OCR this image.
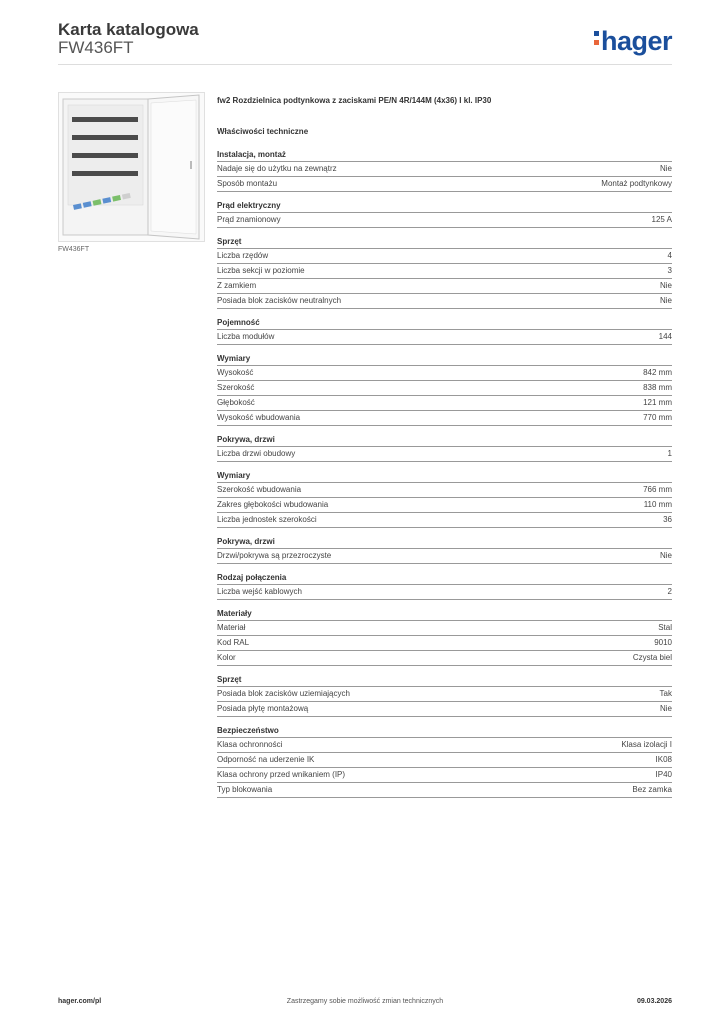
Karta katalogowa
FW436FT	hager
FW436FT
fw2 Rozdzielnica podtynkowa z zaciskami PE/N 4R/144M (4x36) I kl. IP30
Właściwości techniczne
Instalacja, montaż
Nadaje się do użytku na zewnątrz	Nie
Sposób montażu	Montaż podtynkowy
Prąd elektryczny
Prąd znamionowy	125 A
Sprzęt
Liczba rzędów	4
Liczba sekcji w poziomie	3
Z zamkiem	Nie
Posiada blok zacisków neutralnych	Nie
Pojemność
Liczba modułów	144
Wymiary
Wysokość	842 mm
Szerokość	838 mm
Głębokość	121 mm
Wysokość wbudowania	770 mm
Pokrywa, drzwi
Liczba drzwi obudowy	1
Wymiary
Szerokość wbudowania	766 mm
Zakres głębokości wbudowania	110 mm
Liczba jednostek szerokości	36
Pokrywa, drzwi
Drzwi/pokrywa są przezroczyste	Nie
Rodzaj połączenia
Liczba wejść kablowych	2
Materiały
Materiał	Stal
Kod RAL	9010
Kolor	Czysta biel
Sprzęt
Posiada blok zacisków uziemiających	Tak
Posiada płytę montażową	Nie
Bezpieczeństwo
Klasa ochronności	Klasa izolacji I
Odporność na uderzenie IK	IK08
Klasa ochrony przed wnikaniem (IP)	IP40
Typ blokowania	Bez zamka
hager.com/pl	Zastrzegamy sobie możliwość zmian technicznych	09.03.2026
